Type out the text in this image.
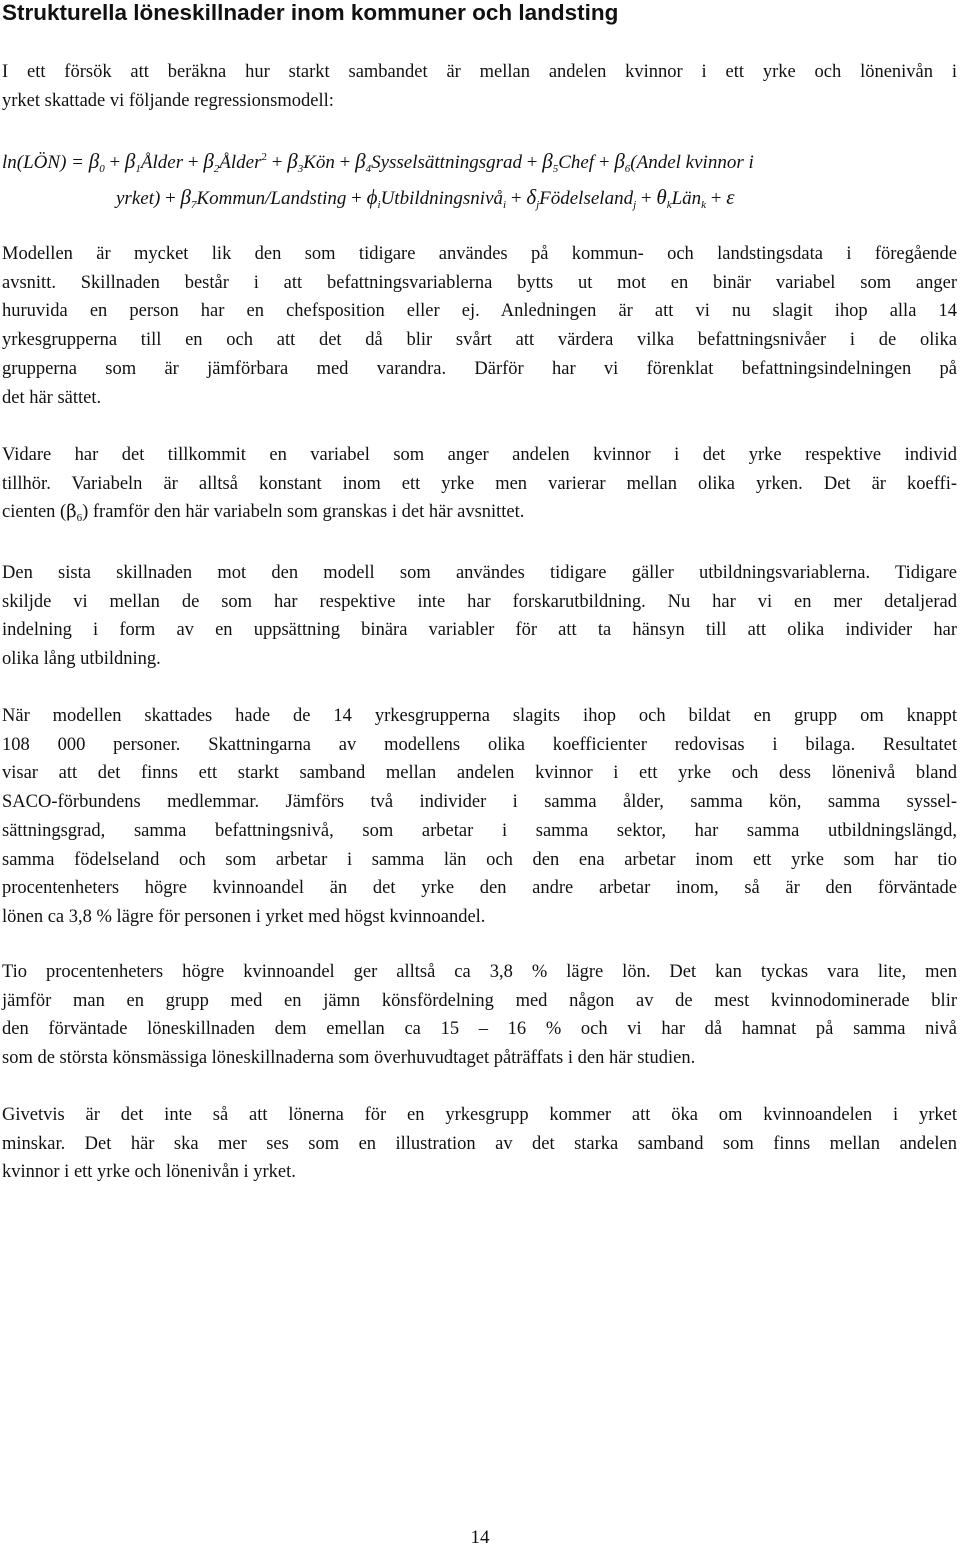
Strukturella löneskillnader inom kommuner och landsting
I ett försök att beräkna hur starkt sambandet är mellan andelen kvinnor i ett yrke och lönenivån i
yrket skattade vi följande regressionsmodell:
ln(LÖN) = $\beta_0$ + $\beta_1Ålder$ + $\beta_2Ålder^2$ + $\beta_3Kön$ + $\beta_4Sysselsättningsgrad$ + $\beta_5Chef$ + $\beta_6(Andel$ kvinnor i
yrket) + $\beta_7Kommun$/Landsting + $\phi_iUtbildningsnivå_i$ + $\delta_jFödelseland_j$ + $\theta_kLän_k + \varepsilon$
Modellen är mycket lik den som tidigare användes på kommun- och landstingsdata i föregående
avsnitt. Skillnaden består i att befattningsvariablerna bytts ut mot en binär variabel som anger
huruvida en person har en chefsposition eller ej. Anledningen är att vi nu slagit ihop alla 14
yrkesgrupperna till en och att det då blir svårt att värdera vilka befattningsnivåer i de olika
grupperna som är jämförbara med varandra. Därför har vi förenklat befattningsindelningen på
det här sättet.
Vidare har det tillkommit en variabel som anger andelen kvinnor i det yrke respektive individ
tillhör. Variabeln är alltså konstant inom ett yrke men varierar mellan olika yrken. Det är koeffi-
cienten $(\beta_6)$ framför den här variabeln som granskas i det här avsnittet.
Den sista skillnaden mot den modell som användes tidigare gäller utbildningsvariablerna. Tidigare
skiljde vi mellan de som har respektive inte har forskarutbildning. Nu har vi en mer detaljerad
indelning i form av en uppsättning binära variabler för att ta hänsyn till att olika individer har
olika lång utbildning.
När modellen skattades hade de 14 yrkesgrupperna slagits ihop och bildat en grupp om knappt
108 000 personer. Skattningarna av modellens olika koefficienter redovisas i bilaga. Resultatet
visar att det finns ett starkt samband mellan andelen kvinnor i ett yrke och dess lönenivå bland
SACO-förbundens medlemmar. Jämförs två individer i samma ålder, samma kön, samma syssel-
sättningsgrad, samma befattningsnivå, som arbetar i samma sektor, har samma utbildningslängd,
samma födelseland och som arbetar i samma län och den ena arbetar inom ett yrke som har tio
procentenheters högre kvinnoandel än det yrke den andre arbetar inom, så är den förväntade
lönen ca 3,8 % lägre för personen i yrket med högst kvinnoandel.
Tio procentenheters högre kvinnoandel ger alltså ca 3,8 % lägre lön. Det kan tyckas vara lite, men
jämför man en grupp med en jämn könsfördelning med någon av de mest kvinnodominerade blir
den förväntade löneskillnaden dem emellan ca 15 – 16 % och vi har då hamnat på samma nivå
som de största könsmässiga löneskillnaderna som överhuvudtaget påträffats i den här studien.
Givetvis är det inte så att lönerna för en yrkesgrupp kommer att öka om kvinnoandelen i yrket
minskar. Det här ska mer ses som en illustration av det starka samband som finns mellan andelen
kvinnor i ett yrke och lönenivån i yrket.

14
